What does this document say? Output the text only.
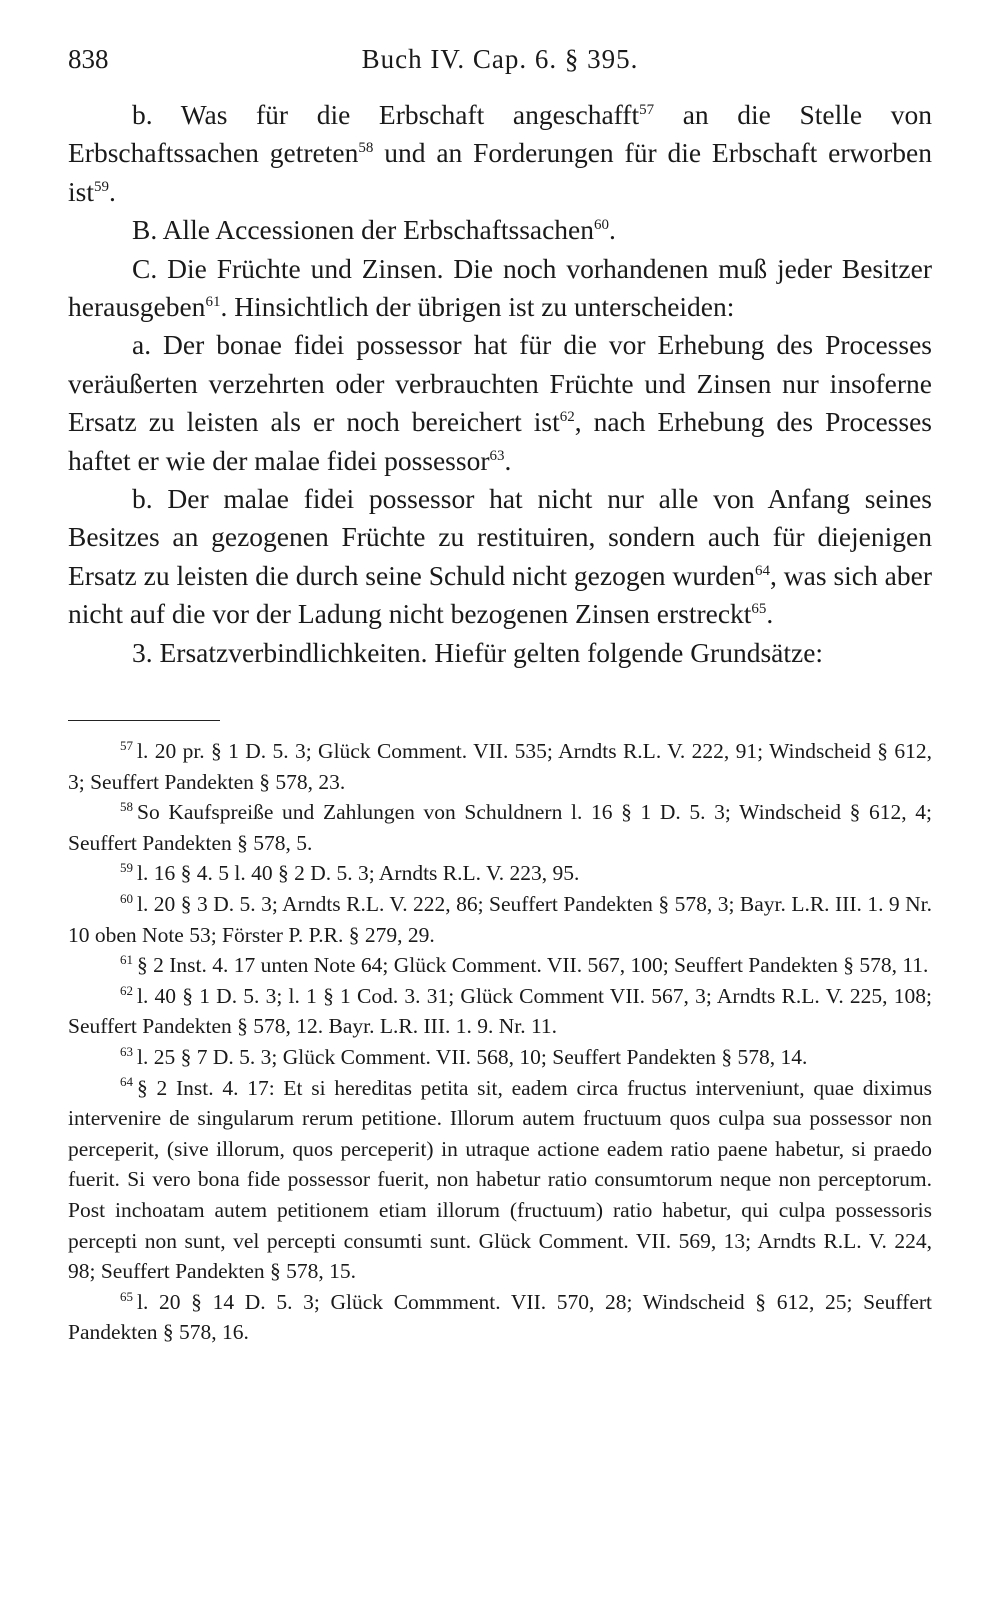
838	Buch IV. Cap. 6. § 395.

b. Was für die Erbschaft angeschafft$^{57}$ an die Stelle von Erbschaftssachen getreten$^{58}$ und an Forderungen für die Erbschaft erworben ist$^{59}$.

B. Alle Accessionen der Erbschaftssachen$^{60}$.

C. Die Früchte und Zinsen. Die noch vorhandenen muß jeder Besitzer herausgeben$^{61}$. Hinsichtlich der übrigen ist zu unterscheiden:

a. Der bonae fidei possessor hat für die vor Erhebung des Processes veräußerten verzehrten oder verbrauchten Früchte und Zinsen nur insoferne Ersatz zu leisten als er noch bereichert ist$^{62}$, nach Erhebung des Processes haftet er wie der malae fidei possessor$^{63}$.

b. Der malae fidei possessor hat nicht nur alle von Anfang seines Besitzes an gezogenen Früchte zu restituiren, sondern auch für diejenigen Ersatz zu leisten die durch seine Schuld nicht gezogen wurden$^{64}$, was sich aber nicht auf die vor der Ladung nicht bezogenen Zinsen erstreckt$^{65}$.

3. Ersatzverbindlichkeiten. Hiefür gelten folgende Grundsätze:

$^{57}$ l. 20 pr. § 1 D. 5. 3; Glück Comment. VII. 535; Arndts R.L. V. 222, 91; Windscheid § 612, 3; Seuffert Pandekten § 578, 23.

$^{58}$ So Kaufspreiße und Zahlungen von Schuldnern l. 16 § 1 D. 5. 3; Windscheid § 612, 4; Seuffert Pandekten § 578, 5.

$^{59}$ l. 16 § 4. 5 l. 40 § 2 D. 5. 3; Arndts R.L. V. 223, 95.

$^{60}$ l. 20 § 3 D. 5. 3; Arndts R.L. V. 222, 86; Seuffert Pandekten § 578, 3; Bayr. L.R. III. 1. 9 Nr. 10 oben Note 53; Förster P. P.R. § 279, 29.

$^{61}$ § 2 Inst. 4. 17 unten Note 64; Glück Comment. VII. 567, 100; Seuffert Pandekten § 578, 11.

$^{62}$ l. 40 § 1 D. 5. 3; l. 1 § 1 Cod. 3. 31; Glück Comment VII. 567, 3; Arndts R.L. V. 225, 108; Seuffert Pandekten § 578, 12. Bayr. L.R. III. 1. 9. Nr. 11.

$^{63}$ l. 25 § 7 D. 5. 3; Glück Comment. VII. 568, 10; Seuffert Pandekten § 578, 14.

$^{64}$ § 2 Inst. 4. 17: Et si hereditas petita sit, eadem circa fructus interveniunt, quae diximus intervenire de singularum rerum petitione. Illorum autem fructuum quos culpa sua possessor non perceperit, (sive illorum, quos perceperit) in utraque actione eadem ratio paene habetur, si praedo fuerit. Si vero bona fide possessor fuerit, non habetur ratio consumtorum neque non perceptorum. Post inchoatam autem petitionem etiam illorum (fructuum) ratio habetur, qui culpa possessoris percepti non sunt, vel percepti consumti sunt. Glück Comment. VII. 569, 13; Arndts R.L. V. 224, 98; Seuffert Pandekten § 578, 15.

$^{65}$ l. 20 § 14 D. 5. 3; Glück Commment. VII. 570, 28; Windscheid § 612, 25; Seuffert Pandekten § 578, 16.
